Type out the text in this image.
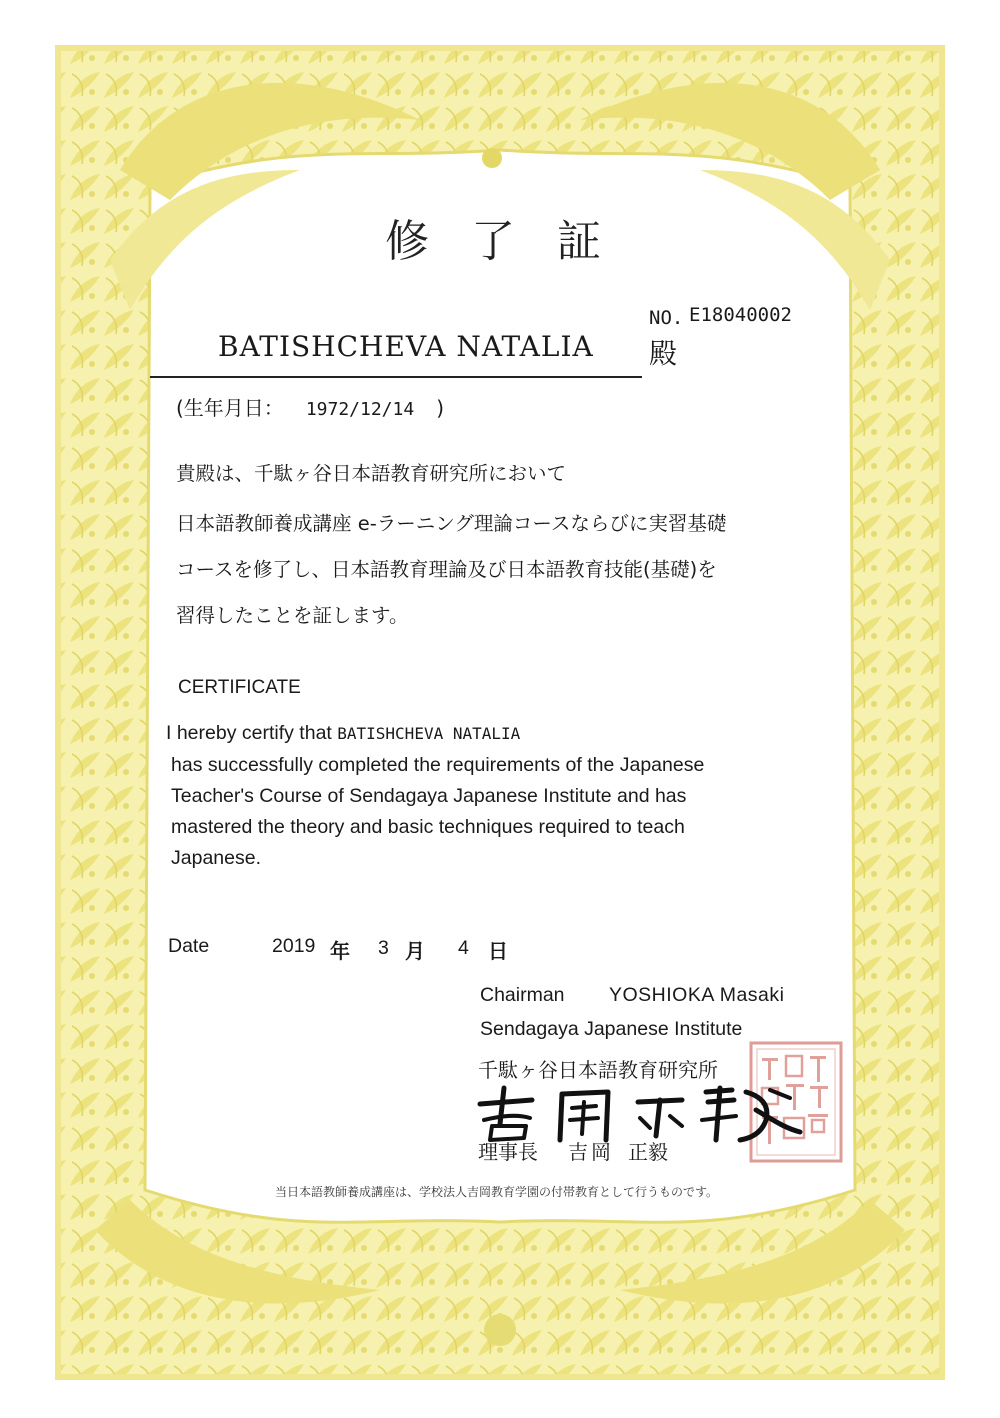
修 了 証
NO. E18040002
BATISHCHEVA NATALIA 殿
(生年月日： 1972/12/14 )
貴殿は、千駄ヶ谷日本語教育研究所において
日本語教師養成講座 e-ラーニング理論コースならびに実習基礎
コースを修了し、日本語教育理論及び日本語教育技能(基礎)を
習得したことを証します。
CERTIFICATE
I hereby certify that BATISHCHEVA NATALIA
has successfully completed the requirements of the Japanese
Teacher's Course of Sendagaya Japanese Institute and has
mastered the theory and basic techniques required to teach
Japanese.
Date	2019 年 3 月 4 日
Chairman YOSHIOKA Masaki
Sendagaya Japanese Institute
千駄ヶ谷日本語教育研究所
理事長 吉岡 正毅
当日本語教師養成講座は、学校法人吉岡教育学園の付帯教育として行うものです。
